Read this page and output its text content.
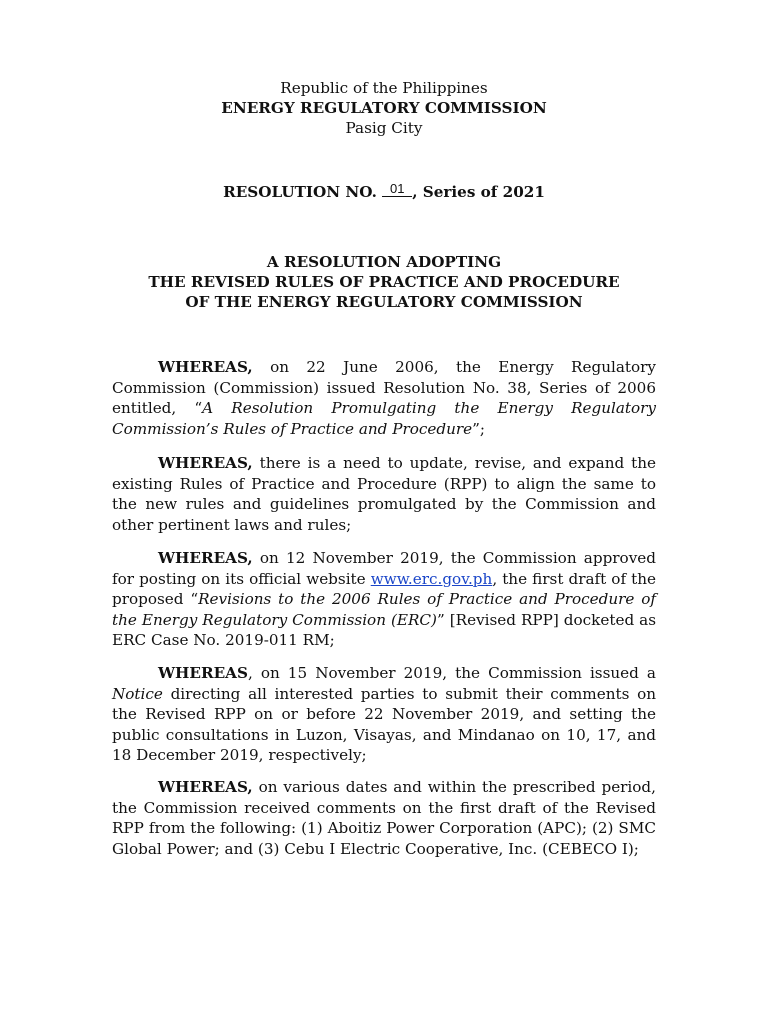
Republic of the Philippines
ENERGY REGULATORY COMMISSION
Pasig City
RESOLUTION NO. 01 , Series of 2021
A RESOLUTION ADOPTING
THE REVISED RULES OF PRACTICE AND PROCEDURE
OF THE ENERGY REGULATORY COMMISSION
WHEREAS, on 22 June 2006, the Energy Regulatory Commission (Commission) issued Resolution No. 38, Series of 2006 entitled, “A Resolution Promulgating the Energy Regulatory Commission’s Rules of Practice and Procedure”;
WHEREAS, there is a need to update, revise, and expand the existing Rules of Practice and Procedure (RPP) to align the same to the new rules and guidelines promulgated by the Commission and other pertinent laws and rules;
WHEREAS, on 12 November 2019, the Commission approved for posting on its official website www.erc.gov.ph, the first draft of the proposed “Revisions to the 2006 Rules of Practice and Procedure of the Energy Regulatory Commission (ERC)” [Revised RPP] docketed as ERC Case No. 2019-011 RM;
WHEREAS, on 15 November 2019, the Commission issued a Notice directing all interested parties to submit their comments on the Revised RPP on or before 22 November 2019, and setting the public consultations in Luzon, Visayas, and Mindanao on 10, 17, and 18 December 2019, respectively;
WHEREAS, on various dates and within the prescribed period, the Commission received comments on the first draft of the Revised RPP from the following: (1) Aboitiz Power Corporation (APC); (2) SMC Global Power; and (3) Cebu I Electric Cooperative, Inc. (CEBECO I);
